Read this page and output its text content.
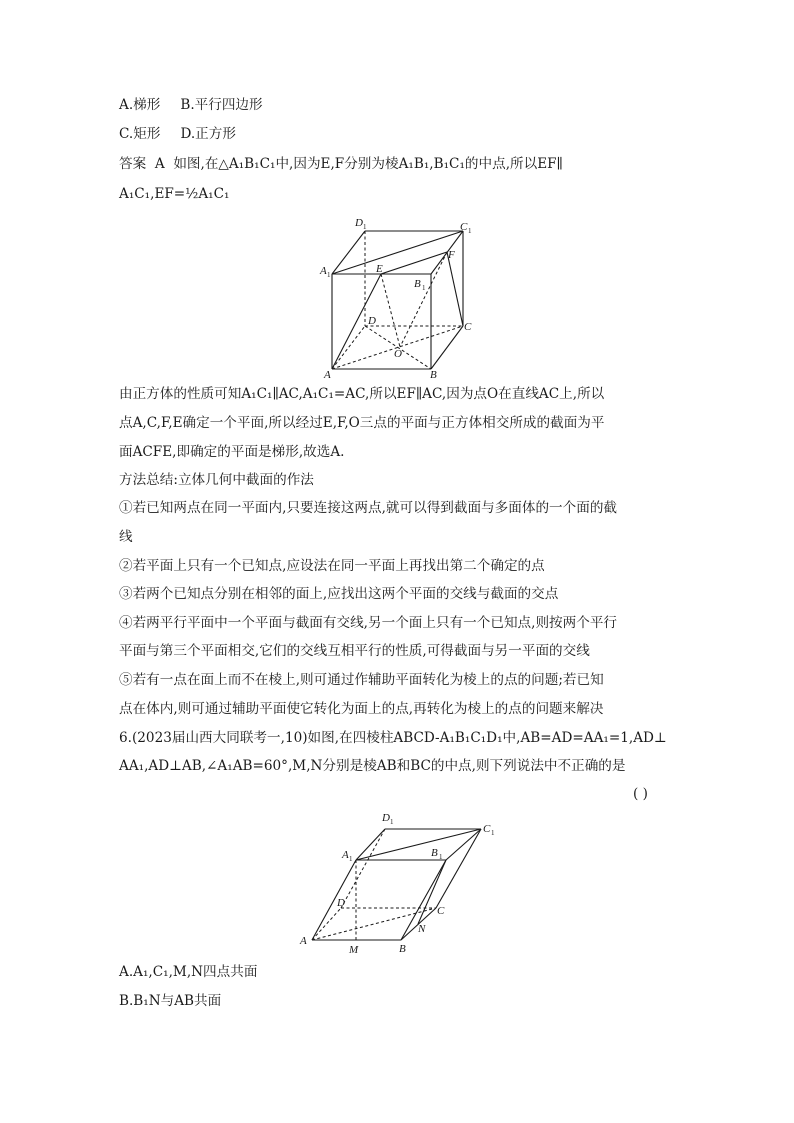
A.梯形 B.平行四边形
C.矩形 D.正方形
答案 A 如图,在△A₁B₁C₁中,因为E,F分别为棱A₁B₁,B₁C₁的中点,所以EF∥
A₁C₁,EF=½A₁C₁
D 1	C 1
A 1
B 1
E
F
D	C
O
A	B
由正方体的性质可知A₁C₁∥AC,A₁C₁=AC,所以EF∥AC,因为点O在直线AC上,所以
点A,C,F,E确定一个平面,所以经过E,F,O三点的平面与正方体相交所成的截面为平
面ACFE,即确定的平面是梯形,故选A.
方法总结:立体几何中截面的作法
①若已知两点在同一平面内,只要连接这两点,就可以得到截面与多面体的一个面的截
线
②若平面上只有一个已知点,应设法在同一平面上再找出第二个确定的点
③若两个已知点分别在相邻的面上,应找出这两个平面的交线与截面的交点
④若两平行平面中一个平面与截面有交线,另一个面上只有一个已知点,则按两个平行
平面与第三个平面相交,它们的交线互相平行的性质,可得截面与另一平面的交线
⑤若有一点在面上而不在棱上,则可通过作辅助平面转化为棱上的点的问题;若已知
点在体内,则可通过辅助平面使它转化为面上的点,再转化为棱上的点的问题来解决
6.(2023届山西大同联考一,10)如图,在四棱柱ABCD-A₁B₁C₁D₁中,AB=AD=AA₁=1,AD⊥
AA₁,AD⊥AB,∠A₁AB=60°,M,N分别是棱AB和BC的中点,则下列说法中不正确的是
( )
D 1
C 1
A 1	B 1
D
C
N
A
M	B
A.A₁,C₁,M,N四点共面
B.B₁N与AB共面
